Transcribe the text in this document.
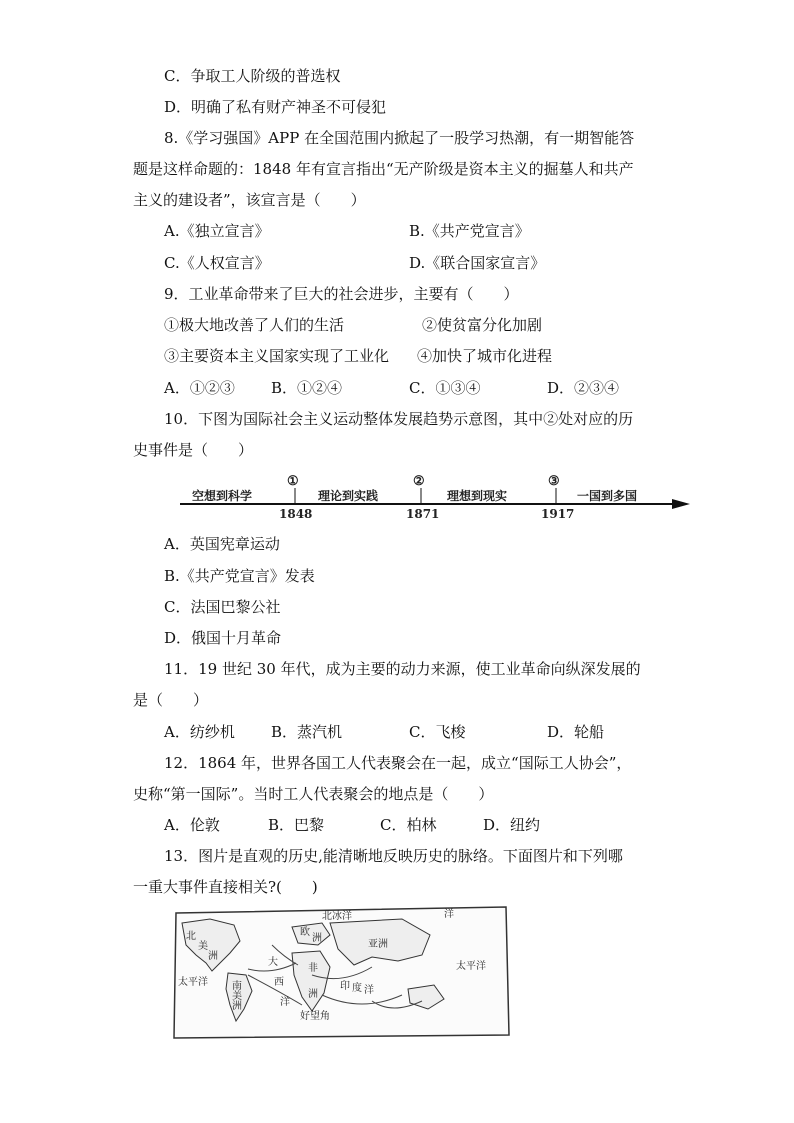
C．争取工人阶级的普选权
D．明确了私有财产神圣不可侵犯
8.《学习强国》APP 在全国范围内掀起了一股学习热潮，有一期智能答
题是这样命题的：1848 年有宣言指出“无产阶级是资本主义的掘墓人和共产
主义的建设者”，该宣言是（　　）
A.《独立宣言》	B.《共产党宣言》
C.《人权宣言》	D.《联合国家宣言》
9．工业革命带来了巨大的社会进步，主要有（　　）
①极大地改善了人们的生活	②使贫富分化加剧
③主要资本主义国家实现了工业化 ④加快了城市化进程
A．①②③ B．①②④	C．①③④	D．②③④
10．下图为国际社会主义运动整体发展趋势示意图，其中②处对应的历
史事件是（　　）
空想到科学	理论到实践	理想到现实	一国到多国
①	②	③
1848	1871	1917
A．英国宪章运动
B.《共产党宣言》发表
C．法国巴黎公社
D．俄国十月革命
11．19 世纪 30 年代，成为主要的动力来源，使工业革命向纵深发展的
是（　　）
A．纺纱机 B．蒸汽机	C．飞梭	D．轮船
12．1864 年，世界各国工人代表聚会在一起，成立“国际工人协会”，
史称“第一国际”。当时工人代表聚会的地点是（　　）
A．伦敦	B．巴黎	C．柏林	D．纽约
13．图片是直观的历史,能清晰地反映历史的脉络。下面图片和下列哪
一重大事件直接相关?(　　)
北
美
洲
南
美
洲
欧
洲
亚洲
非
洲
大
西
洋
印 度 洋
太平洋
太平洋
北冰洋
好望角
洋
